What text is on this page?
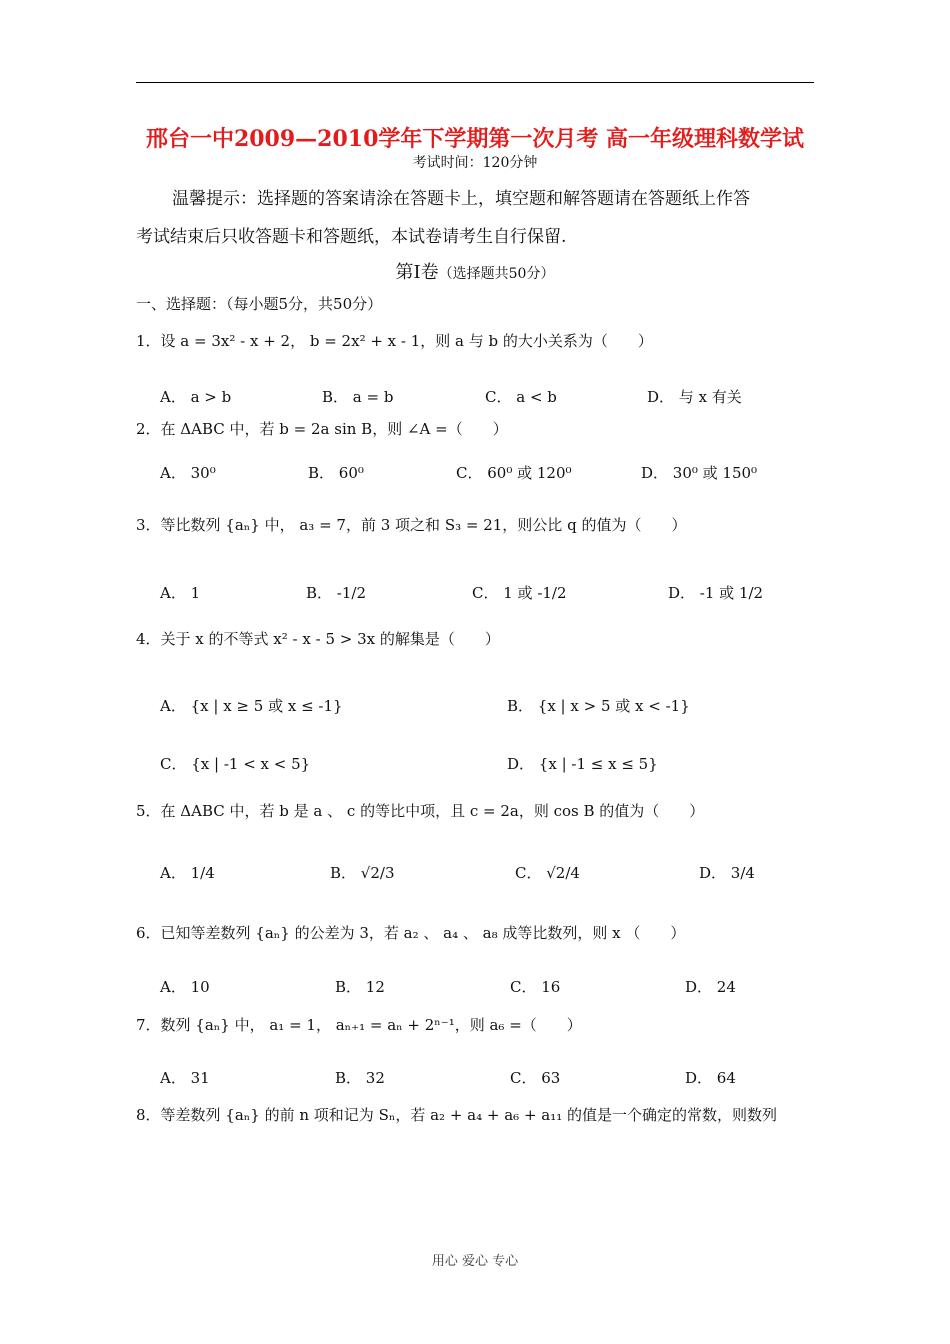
邢台一中2009—2010学年下学期第一次月考 高一年级理科数学试
考试时间：120分钟
温馨提示：选择题的答案请涂在答题卡上，填空题和解答题请在答题纸上作答
考试结束后只收答题卡和答题纸，本试卷请考生自行保留.
第Ⅰ卷（选择题共50分）
一、选择题：（每小题5分，共50分）
1．设 a = 3x² - x + 2， b = 2x² + x - 1，则 a 与 b 的大小关系为（　　）
A． a > b	B． a = b	C． a < b	D． 与 x 有关
2．在 ΔABC 中，若 b = 2a sin B，则 ∠A =（　　）
A． 30⁰	B． 60⁰	C． 60⁰ 或 120⁰	D． 30⁰ 或 150⁰
3．等比数列 {aₙ} 中， a₃ = 7，前 3 项之和 S₃ = 21，则公比 q 的值为（　　）
A． 1	B． -1/2	C． 1 或 -1/2	D． -1 或 1/2
4．关于 x 的不等式 x² - x - 5 > 3x 的解集是（　　）
A． {x | x ≥ 5 或 x ≤ -1}	B． {x | x > 5 或 x < -1}
C． {x | -1 < x < 5}	D． {x | -1 ≤ x ≤ 5}
5．在 ΔABC 中，若 b 是 a 、 c 的等比中项，且 c = 2a，则 cos B 的值为（　　）
A． 1/4	B． √2/3	C． √2/4	D． 3/4
6．已知等差数列 {aₙ} 的公差为 3，若 a₂ 、 a₄ 、 a₈ 成等比数列，则 x （　　）
A． 10	B． 12	C． 16	D． 24
7．数列 {aₙ} 中， a₁ = 1， aₙ₊₁ = aₙ + 2ⁿ⁻¹，则 a₆ =（　　）
A． 31	B． 32	C． 63	D． 64
8．等差数列 {aₙ} 的前 n 项和记为 Sₙ，若 a₂ + a₄ + a₆ + a₁₁ 的值是一个确定的常数，则数列
用心 爱心 专心
